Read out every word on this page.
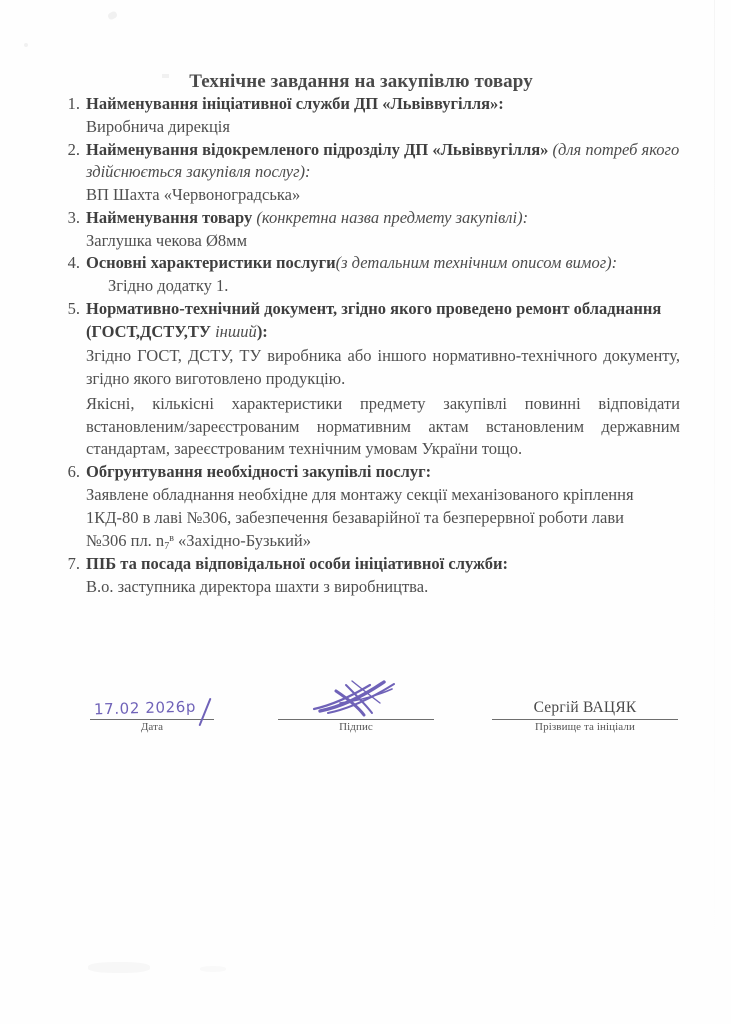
Технічне завдання на закупівлю товару
1. Найменування ініціативної служби ДП «Львіввугілля»:
Виробнича дирекція
2. Найменування відокремленого підрозділу ДП «Львіввугілля» (для потреб якого здійснюється закупівля послуг):
ВП Шахта «Червоноградська»
3. Найменування товару (конкретна назва предмету закупівлі):
Заглушка чекова Ø8мм
4. Основні характеристики послуги(з детальним технічним описом вимог):
Згідно додатку 1.
5. Нормативно-технічний документ, згідно якого проведено ремонт обладнання (ГОСТ,ДСТУ,ТУ інший):
Згідно ГОСТ, ДСТУ, ТУ виробника або іншого нормативно-технічного документу, згідно якого виготовлено продукцію.
Якісні, кількісні характеристики предмету закупівлі повинні відповідати встановленим/зареєстрованим нормативним актам встановленим державним стандартам, зареєстрованим технічним умовам України тощо.
6. Обгрунтування необхідності закупівлі послуг:
Заявлене обладнання необхідне для монтажу секції механізованого кріплення 1КД-80 в лаві №306, забезпечення безаварійної та безперервної роботи лави
№306 пл. $n_7^в$ «Західно-Бузький»
7. ПІБ та посада відповідальної особи ініціативної служби:
В.о. заступника директора шахти з виробництва.
17.02 2026р
Дата	Підпис
Сергій ВАЦЯК
Прізвище та ініціали
